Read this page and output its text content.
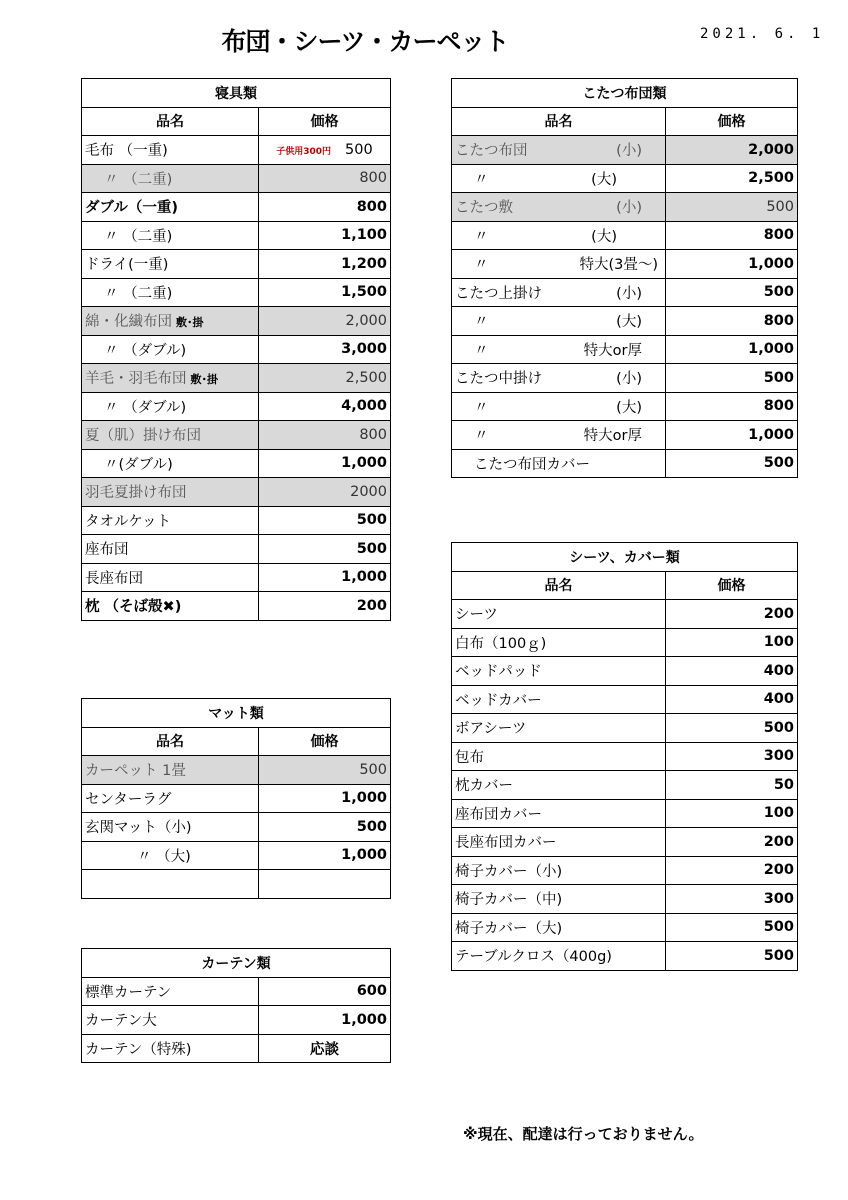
布団・シーツ・カーペット	2021. 6. 1
寝具類	
品名	価格
毛布 （一重)	子供用300円 500
〃 （二重)	800
ダブル（一重)	800
〃 （二重)	1,100
ドライ(一重)	1,200
〃 （二重)	1,500
綿・化繊布団 敷･掛	2,000
〃 （ダブル)	3,000
羊毛・羽毛布団 敷･掛	2,500
〃 （ダブル)	4,000
夏（肌）掛け布団	800
〃(ダブル)	1,000
羽毛夏掛け布団	2000
タオルケット	500
座布団	500
長座布団	1,000
枕 （そば殻✖)	200
マット類	
品名	価格
カーペット 1畳	500
センターラグ	1,000
玄関マット（小)	500
〃 （大)	1,000

カーテン類	
標準カーテン	600
カーテン大	1,000
カーテン（特殊)	応談
こたつ布団類	
品名	価格

こたつ布団 (小)	2,000

〃 (大)	2,500

こたつ敷 (小)	500

〃 (大)	800

〃 特大(3畳～)	1,000

こたつ上掛け (小)	500

〃 (大)	800

〃 特大or厚	1,000

こたつ中掛け (小)	500

〃 (大)	800

〃 特大or厚	1,000
こたつ布団カバー	500
シーツ、カバー類	
品名	価格
シーツ	200
白布（100ｇ)	100
ベッドパッド	400
ベッドカバー	400
ボアシーツ	500
包布	300
枕カバー	50
座布団カバー	100
長座布団カバー	200
椅子カバー（小)	200
椅子カバー（中)	300
椅子カバー（大)	500
テーブルクロス（400g)	500
※現在、配達は行っておりません。
